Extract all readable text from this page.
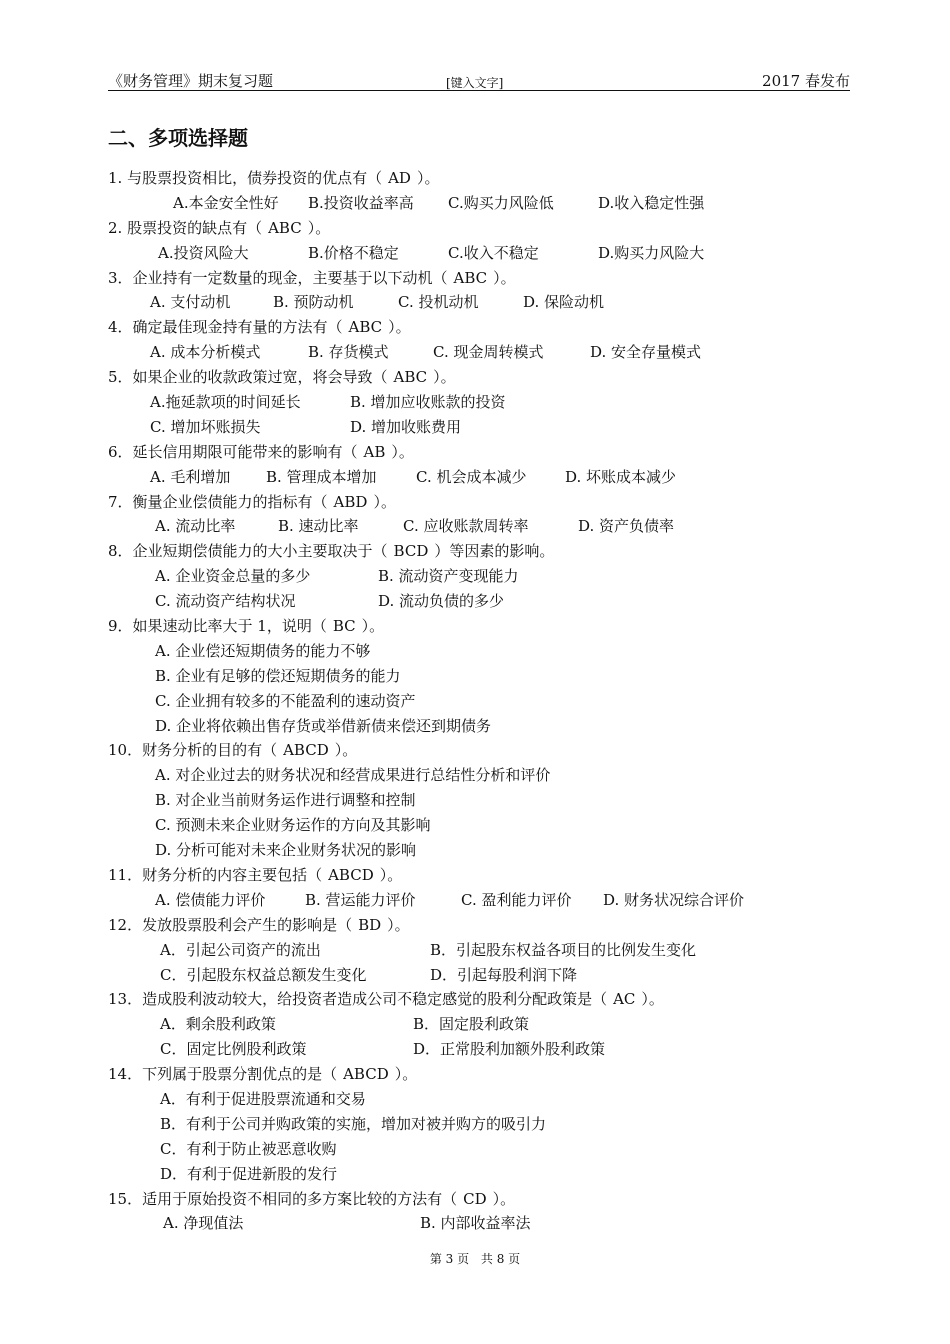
《财务管理》期末复习题	[键入文字]	2017 春发布
二、多项选择题
1. 与股票投资相比，债券投资的优点有（ AD ）。
A.本金安全性好 B.投资收益率高 C.购买力风险低	D.收入稳定性强
2. 股票投资的缺点有（ ABC ）。
A.投资风险大	B.价格不稳定	C.收入不稳定	D.购买力风险大
3．企业持有一定数量的现金，主要基于以下动机（ ABC ）。
A. 支付动机	B. 预防动机	C. 投机动机	D. 保险动机
4．确定最佳现金持有量的方法有（ ABC ）。
A. 成本分析模式	B. 存货模式	C. 现金周转模式	D. 安全存量模式
5．如果企业的收款政策过宽，将会导致（ ABC ）。
A.拖延款项的时间延长	B. 增加应收账款的投资
C. 增加坏账损失	D. 增加收账费用
6．延长信用期限可能带来的影响有（ AB ）。
A. 毛利增加 B. 管理成本增加	C. 机会成本减少	D. 坏账成本减少
7．衡量企业偿债能力的指标有（ ABD ）。
A. 流动比率	B. 速动比率	C. 应收账款周转率	D. 资产负债率
8．企业短期偿债能力的大小主要取决于（ BCD ）等因素的影响。
A. 企业资金总量的多少	B. 流动资产变现能力
C. 流动资产结构状况	D. 流动负债的多少
9．如果速动比率大于 1，说明（ BC ）。
A. 企业偿还短期债务的能力不够
B. 企业有足够的偿还短期债务的能力
C. 企业拥有较多的不能盈利的速动资产
D. 企业将依赖出售存货或举借新债来偿还到期债务
10．财务分析的目的有（ ABCD ）。
A. 对企业过去的财务状况和经营成果进行总结性分析和评价
B. 对企业当前财务运作进行调整和控制
C. 预测未来企业财务运作的方向及其影响
D. 分析可能对未来企业财务状况的影响
11．财务分析的内容主要包括（ ABCD ）。
A. 偿债能力评价	B. 营运能力评价	C. 盈利能力评价 D. 财务状况综合评价
12．发放股票股利会产生的影响是（ BD ）。
A．引起公司资产的流出	B．引起股东权益各项目的比例发生变化
C．引起股东权益总额发生变化	D．引起每股利润下降
13．造成股利波动较大，给投资者造成公司不稳定感觉的股利分配政策是（ AC ）。
A．剩余股利政策	B．固定股利政策
C．固定比例股利政策	D．正常股利加额外股利政策
14．下列属于股票分割优点的是（ ABCD ）。
A．有利于促进股票流通和交易
B．有利于公司并购政策的实施，增加对被并购方的吸引力
C．有利于防止被恶意收购
D．有利于促进新股的发行
15．适用于原始投资不相同的多方案比较的方法有（ CD ）。
A. 净现值法	B. 内部收益率法
第 3 页 共 8 页
